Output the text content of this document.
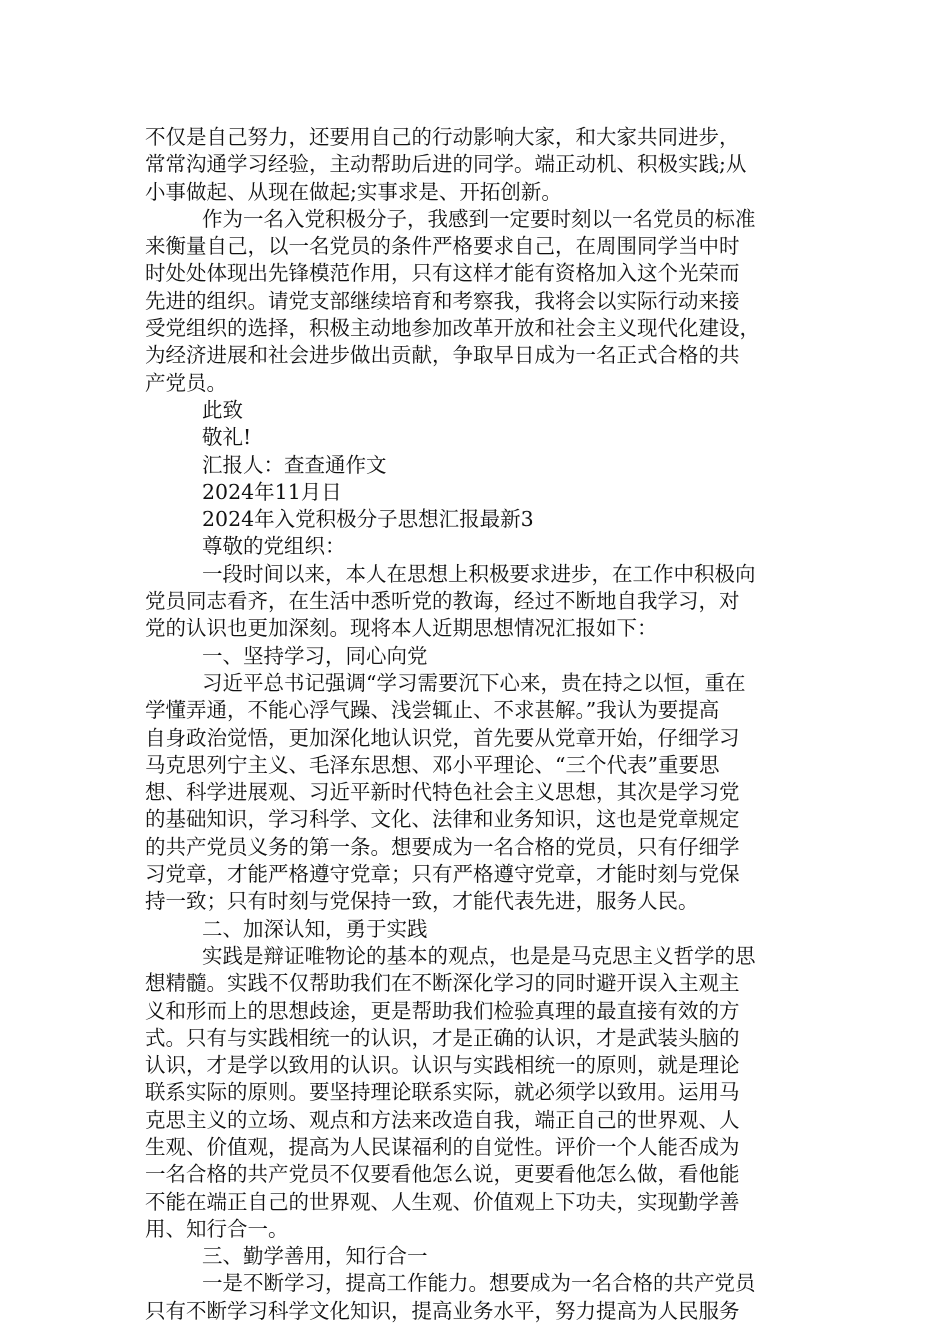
不仅是自己努力，还要用自己的行动影响大家，和大家共同进步，
常常沟通学习经验，主动帮助后进的同学。端正动机、积极实践;从
小事做起、从现在做起;实事求是、开拓创新。
作为一名入党积极分子，我感到一定要时刻以一名党员的标准
来衡量自己，以一名党员的条件严格要求自己，在周围同学当中时
时处处体现出先锋模范作用，只有这样才能有资格加入这个光荣而
先进的组织。请党支部继续培育和考察我，我将会以实际行动来接
受党组织的选择，积极主动地参加改革开放和社会主义现代化建设，
为经济进展和社会进步做出贡献，争取早日成为一名正式合格的共
产党员。
此致
敬礼!
汇报人：查查通作文
2024年11月日
2024年入党积极分子思想汇报最新3
尊敬的党组织：
一段时间以来，本人在思想上积极要求进步，在工作中积极向
党员同志看齐，在生活中悉听党的教诲，经过不断地自我学习，对
党的认识也更加深刻。现将本人近期思想情况汇报如下：
一、坚持学习，同心向党
习近平总书记强调“学习需要沉下心来，贵在持之以恒，重在
学懂弄通，不能心浮气躁、浅尝辄止、不求甚解。”我认为要提高
自身政治觉悟，更加深化地认识党，首先要从党章开始，仔细学习
马克思列宁主义、毛泽东思想、邓小平理论、“三个代表”重要思
想、科学进展观、习近平新时代特色社会主义思想，其次是学习党
的基础知识，学习科学、文化、法律和业务知识，这也是党章规定
的共产党员义务的第一条。想要成为一名合格的党员，只有仔细学
习党章，才能严格遵守党章；只有严格遵守党章，才能时刻与党保
持一致；只有时刻与党保持一致，才能代表先进，服务人民。
二、加深认知，勇于实践
实践是辩证唯物论的基本的观点，也是是马克思主义哲学的思
想精髓。实践不仅帮助我们在不断深化学习的同时避开误入主观主
义和形而上的思想歧途，更是帮助我们检验真理的最直接有效的方
式。只有与实践相统一的认识，才是正确的认识，才是武装头脑的
认识，才是学以致用的认识。认识与实践相统一的原则，就是理论
联系实际的原则。要坚持理论联系实际，就必须学以致用。运用马
克思主义的立场、观点和方法来改造自我，端正自己的世界观、人
生观、价值观，提高为人民谋福利的自觉性。评价一个人能否成为
一名合格的共产党员不仅要看他怎么说，更要看他怎么做，看他能
不能在端正自己的世界观、人生观、价值观上下功夫，实现勤学善
用、知行合一。
三、勤学善用，知行合一
一是不断学习，提高工作能力。想要成为一名合格的共产党员
只有不断学习科学文化知识，提高业务水平，努力提高为人民服务
